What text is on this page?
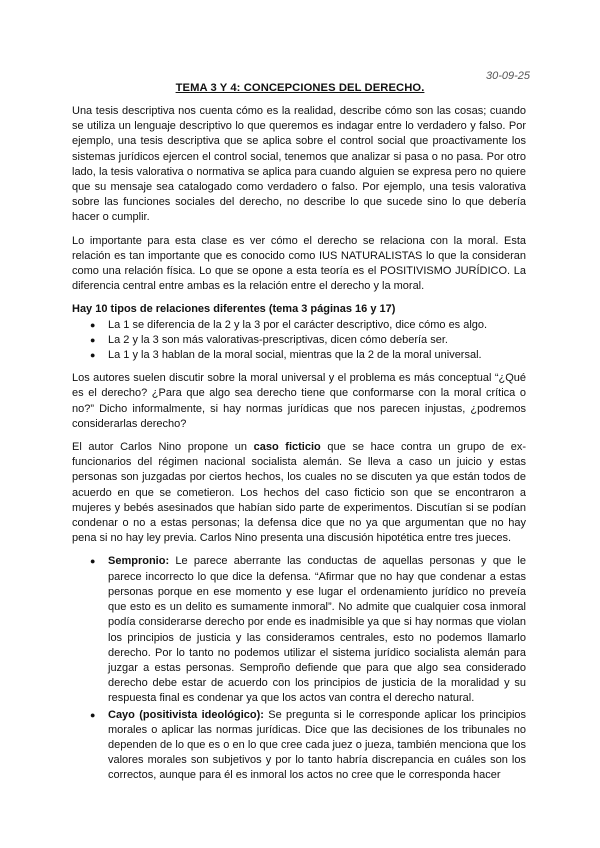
30-09-25
TEMA 3 Y 4: CONCEPCIONES DEL DERECHO.

Una tesis descriptiva nos cuenta cómo es la realidad, describe cómo son las cosas; cuando se utiliza un lenguaje descriptivo lo que queremos es indagar entre lo verdadero y falso. Por ejemplo, una tesis descriptiva que se aplica sobre el control social que proactivamente los sistemas jurídicos ejercen el control social, tenemos que analizar si pasa o no pasa. Por otro lado, la tesis valorativa o normativa se aplica para cuando alguien se expresa pero no quiere que su mensaje sea catalogado como verdadero o falso. Por ejemplo, una tesis valorativa sobre las funciones sociales del derecho, no describe lo que sucede sino lo que debería hacer o cumplir.

Lo importante para esta clase es ver cómo el derecho se relaciona con la moral. Esta relación es tan importante que es conocido como IUS NATURALISTAS lo que la consideran como una relación física. Lo que se opone a esta teoría es el POSITIVISMO JURÍDICO. La diferencia central entre ambas es la relación entre el derecho y la moral.

Hay 10 tipos de relaciones diferentes (tema 3 páginas 16 y 17)
● La 1 se diferencia de la 2 y la 3 por el carácter descriptivo, dice cómo es algo.
● La 2 y la 3 son más valorativas-prescriptivas, dicen cómo debería ser.
● La 1 y la 3 hablan de la moral social, mientras que la 2 de la moral universal.

Los autores suelen discutir sobre la moral universal y el problema es más conceptual “¿Qué es el derecho? ¿Para que algo sea derecho tiene que conformarse con la moral crítica o no?” Dicho informalmente, si hay normas jurídicas que nos parecen injustas, ¿podremos considerarlas derecho?

El autor Carlos Nino propone un caso ficticio que se hace contra un grupo de ex-funcionarios del régimen nacional socialista alemán. Se lleva a caso un juicio y estas personas son juzgadas por ciertos hechos, los cuales no se discuten ya que están todos de acuerdo en que se cometieron. Los hechos del caso ficticio son que se encontraron a mujeres y bebés asesinados que habían sido parte de experimentos. Discutían si se podían condenar o no a estas personas; la defensa dice que no ya que argumentan que no hay pena si no hay ley previa. Carlos Nino presenta una discusión hipotética entre tres jueces.

● Sempronio: Le parece aberrante las conductas de aquellas personas y que le parece incorrecto lo que dice la defensa. “Afirmar que no hay que condenar a estas personas porque en ese momento y ese lugar el ordenamiento jurídico no preveía que esto es un delito es sumamente inmoral”. No admite que cualquier cosa inmoral podía considerarse derecho por ende es inadmisible ya que si hay normas que violan los principios de justicia y las consideramos centrales, esto no podemos llamarlo derecho. Por lo tanto no podemos utilizar el sistema jurídico socialista alemán para juzgar a estas personas. Semproño defiende que para que algo sea considerado derecho debe estar de acuerdo con los principios de justicia de la moralidad y su respuesta final es condenar ya que los actos van contra el derecho natural.
● Cayo (positivista ideológico): Se pregunta si le corresponde aplicar los principios morales o aplicar las normas jurídicas. Dice que las decisiones de los tribunales no dependen de lo que es o en lo que cree cada juez o jueza, también menciona que los valores morales son subjetivos y por lo tanto habría discrepancia en cuáles son los correctos, aunque para él es inmoral los actos no cree que le corresponda hacer
